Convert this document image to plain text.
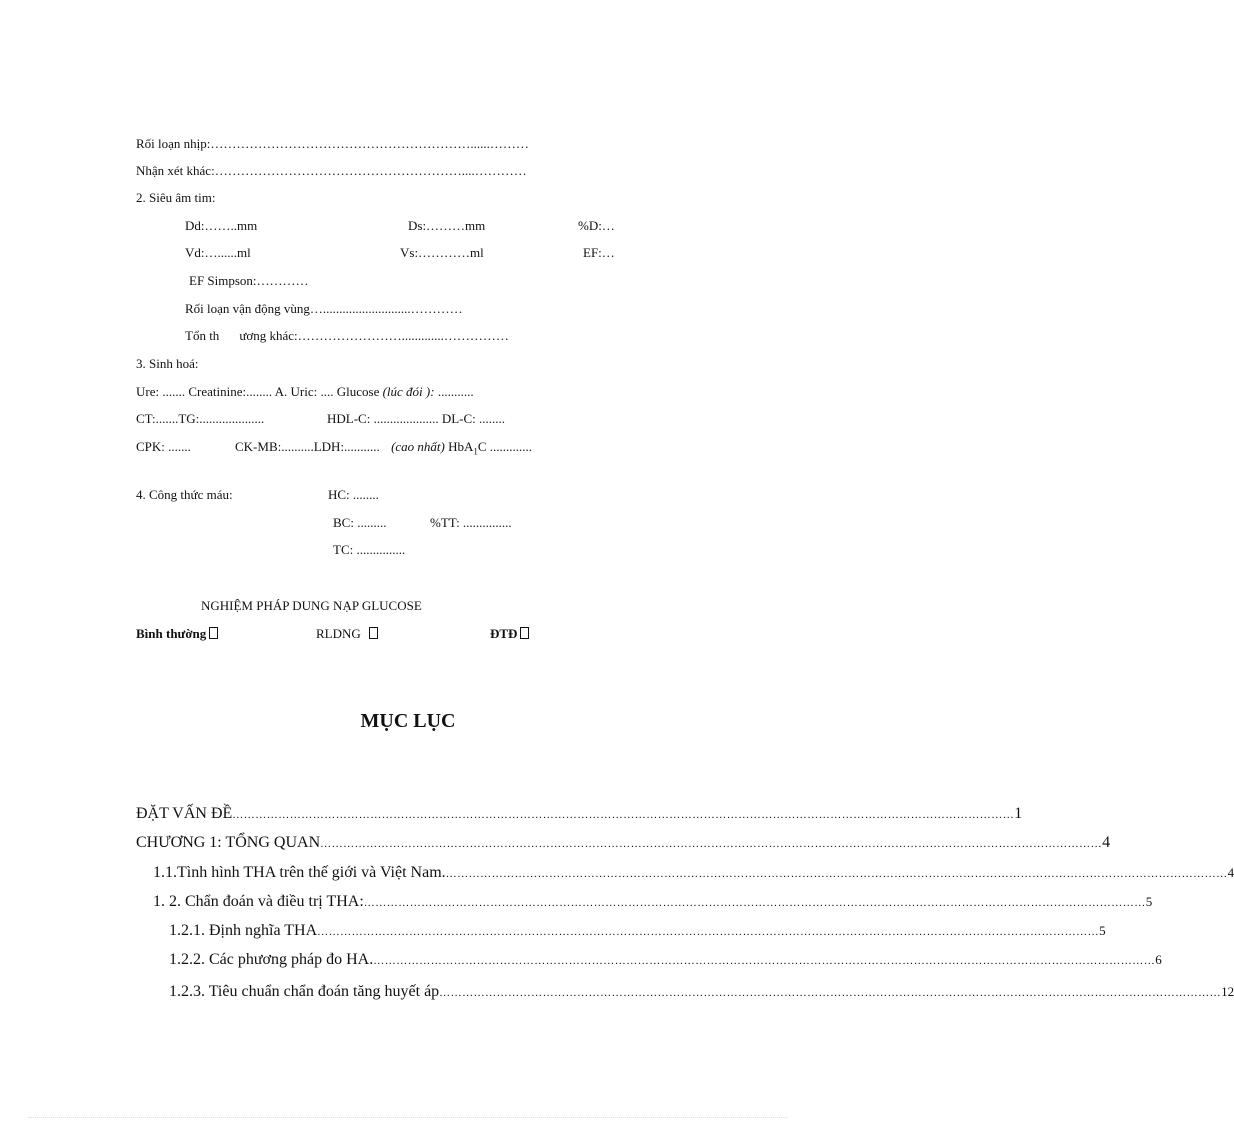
Rối loạn nhịp:……………………………………………………......………
Nhận xét khác:…………………………………………………....…………
2. Siêu âm tim:
Dd:……..mm	Ds:………mm	%D:…
Vd:…......ml	Vs:…………ml	EF:…
EF Simpson:…………
Rối loạn vận động vùng…...........................…………
Tổn th ương khác:…………………….............……………
3. Sinh hoá:
Ure: ....... Creatinine:........ A. Uric: .... Glucose (lúc đói ): ...........
CT:.......TG:....................	HDL-C: .................... DL-C: ........
CPK: .......	CK-MB:..........LDH:........... (cao nhất) HbA$_1$C .............
4. Công thức máu:	HC: ........
BC: .........	%TT: ...............
TC: ...............
NGHIỆM PHÁP DUNG NẠP GLUCOSE
Bình thường	RLDNG	ĐTĐ
MỤC LỤC
ĐẶT VẤN ĐỀ …………………………………………………………………………………………………………………………………………………………………………………… 1
CHƯƠNG 1: TỔNG QUAN …………………………………………………………………………………………………………………………………………………………………………………… 4
1.1.Tình hình THA trên thế giới và Việt Nam. …………………………………………………………………………………………………………………………………………………………………………………… 4
1. 2. Chẩn đoán và điều trị THA: …………………………………………………………………………………………………………………………………………………………………………………… 5
1.2.1. Định nghĩa THA …………………………………………………………………………………………………………………………………………………………………………………… 5
1.2.2. Các phương pháp đo HA. …………………………………………………………………………………………………………………………………………………………………………………… 6
1.2.3. Tiêu chuẩn chẩn đoán tăng huyết áp …………………………………………………………………………………………………………………………………………………………………………………… 12
